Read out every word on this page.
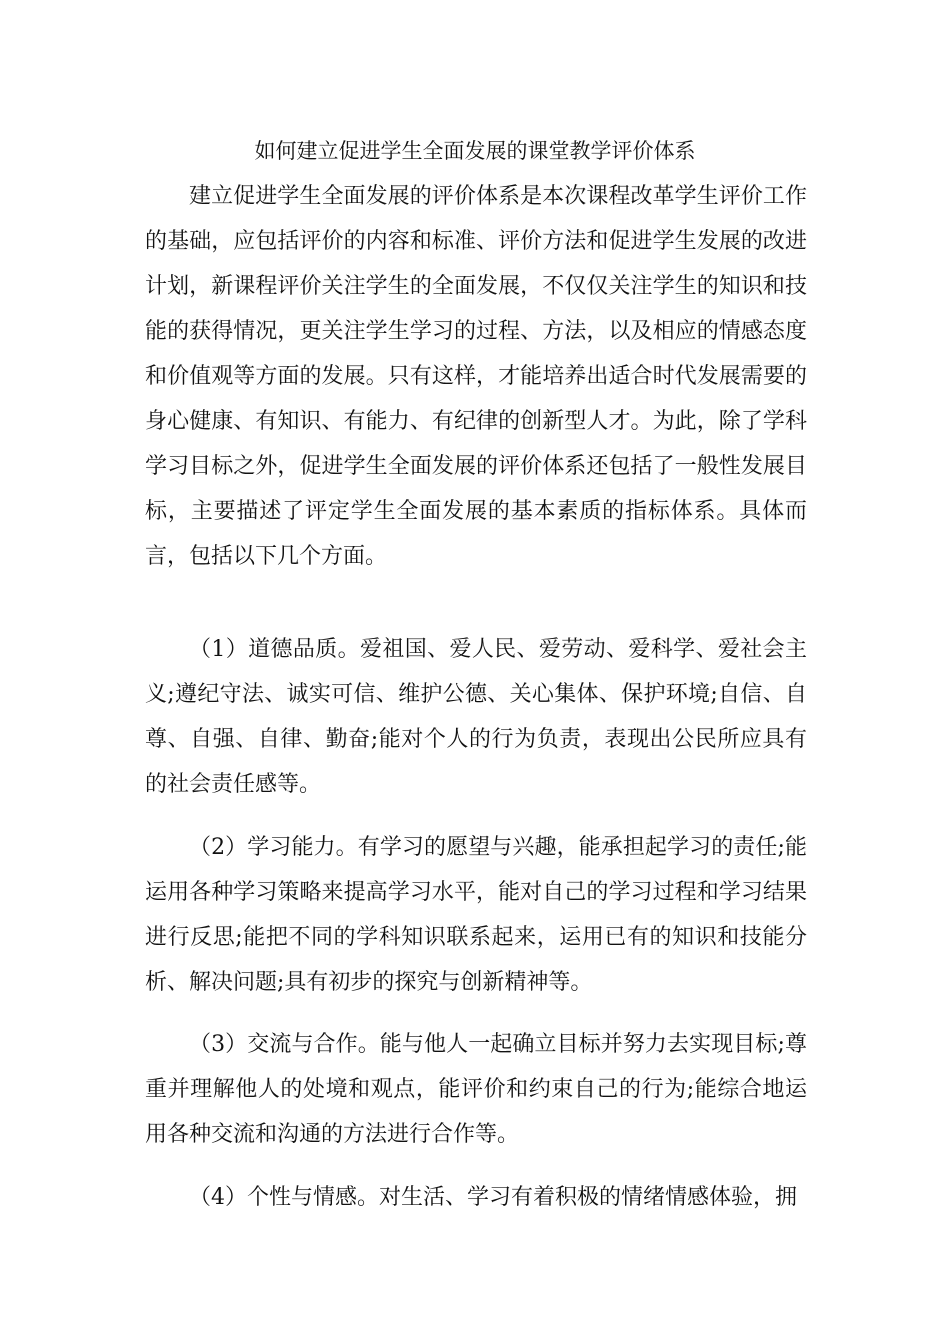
如何建立促进学生全面发展的课堂教学评价体系

建立促进学生全面发展的评价体系是本次课程改革学生评价工作的基础，应包括评价的内容和标准、评价方法和促进学生发展的改进计划，新课程评价关注学生的全面发展，不仅仅关注学生的知识和技能的获得情况，更关注学生学习的过程、方法，以及相应的情感态度和价值观等方面的发展。只有这样，才能培养出适合时代发展需要的身心健康、有知识、有能力、有纪律的创新型人才。为此，除了学科学习目标之外，促进学生全面发展的评价体系还包括了一般性发展目标，主要描述了评定学生全面发展的基本素质的指标体系。具体而言，包括以下几个方面。

（1）道德品质。爱祖国、爱人民、爱劳动、爱科学、爱社会主义;遵纪守法、诚实可信、维护公德、关心集体、保护环境;自信、自尊、自强、自律、勤奋;能对个人的行为负责，表现出公民所应具有的社会责任感等。

（2）学习能力。有学习的愿望与兴趣，能承担起学习的责任;能运用各种学习策略来提高学习水平，能对自己的学习过程和学习结果进行反思;能把不同的学科知识联系起来，运用已有的知识和技能分析、解决问题;具有初步的探究与创新精神等。

（3）交流与合作。能与他人一起确立目标并努力去实现目标;尊重并理解他人的处境和观点，能评价和约束自己的行为;能综合地运用各种交流和沟通的方法进行合作等。

（4）个性与情感。对生活、学习有着积极的情绪情感体验，拥
